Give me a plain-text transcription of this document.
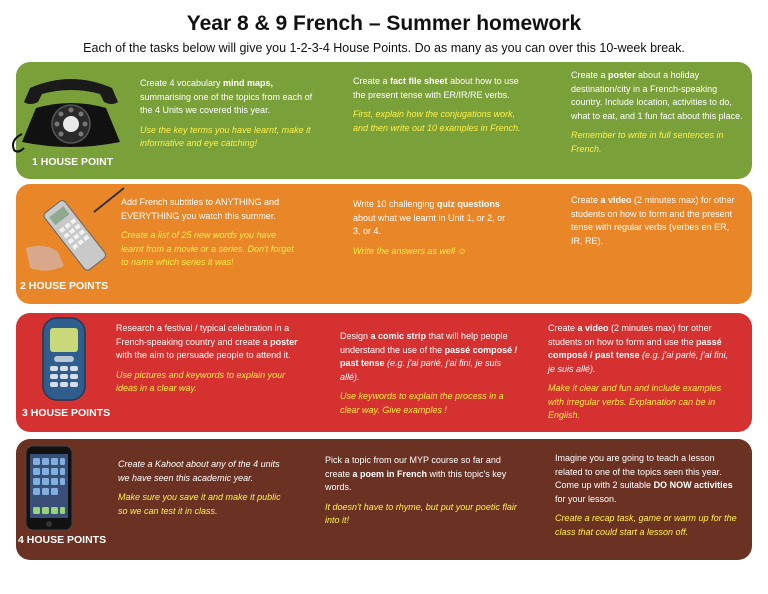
Year 8 & 9 French – Summer homework
Each of the tasks below will give you 1-2-3-4 House Points. Do as many as you can over this 10-week break.
1 HOUSE POINT

Create 4 vocabulary mind maps, summarising one of the topics from each of the 4 Units we covered this year.

Use the key terms you have learnt, make it informative and eye catching!

Create a fact file sheet about how to use the present tense with ER/IR/RE verbs.

First, explain how the conjugations work, and then write out 10 examples in French.

Create a poster about a holiday destination/city in a French-speaking country. Include location, activities to do, what to eat, and 1 fun fact about this place.

Remember to write in full sentences in French.

2 HOUSE POINTS

Add French subtitles to ANYTHING and EVERYTHING you watch this summer.

Create a list of 25 new words you have learnt from a movie or a series. Don't forget to name which series it was!

Write 10 challenging quiz questions about what we learnt in Unit 1, or 2, or 3, or 4.

Write the answers as well ☺

Create a video (2 minutes max) for other students on how to form and the present tense with regular verbs (verbes en ER, IR, RE).

3 HOUSE POINTS

Research a festival / typical celebration in a French-speaking country and create a poster with the aim to persuade people to attend it.

Use pictures and keywords to explain your ideas in a clear way.

Design a comic strip that will help people understand the use of the passé composé / past tense (e.g. j'ai parlé, j'ai fini, je suis allé).

Use keywords to explain the process in a clear way. Give examples !

Create a video (2 minutes max) for other students on how to form and use the passé composé / past tense (e.g. j'ai parlé, j'ai fini, je suis allé).

Make it clear and fun and include examples with irregular verbs. Explanation can be in English.

4 HOUSE POINTS

Create a Kahoot about any of the 4 units we have seen this academic year.

Make sure you save it and make it public so we can test it in class.

Pick a topic from our MYP course so far and create a poem in French with this topic's key words.

It doesn't have to rhyme, but put your poetic flair into it!

Imagine you are going to teach a lesson related to one of the topics seen this year. Come up with 2 suitable DO NOW activities for your lesson.

Create a recap task, game or warm up for the class that could start a lesson off.
